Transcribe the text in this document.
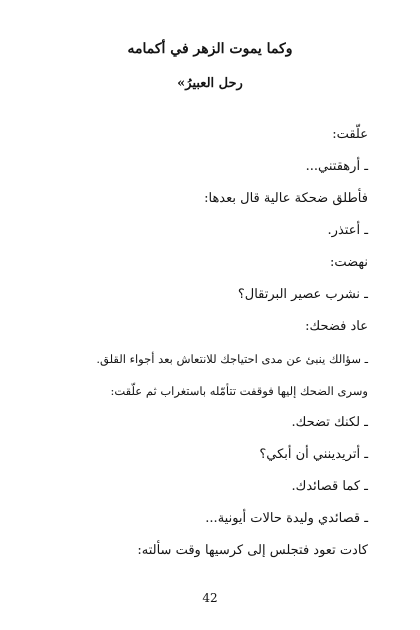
وكما يموت الزهر في أكمامه
رحل العبيرُ»
علّقت:
ـ أرهقتني...
فأطلق ضحكة عالية قال بعدها:
ـ أعتذر.
نهضت:
ـ نشرب عصير البرتقال؟
عاد فضحك:
ـ سؤالك ينبئ عن مدى احتياجك للانتعاش بعد أجواء القلق.
وسرى الضحك إليها فوقفت تتأمّله باستغراب ثم علّقت:
ـ لكنك تضحك.
ـ أتريدينني أن أبكي؟
ـ كما قصائدك.
ـ قصائدي وليدة حالات أيونية...
كادت تعود فتجلس إلى كرسيها وقت سألته:
42
